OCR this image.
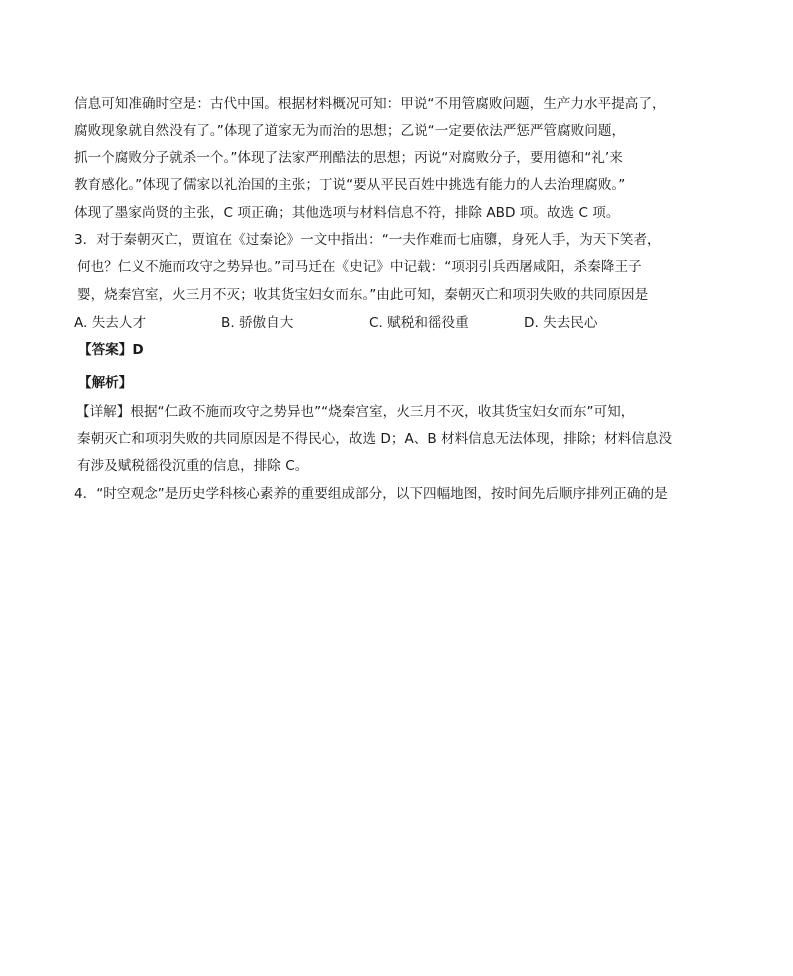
信息可知准确时空是：古代中国。根据材料概况可知：甲说“不用管腐败问题，生产力水平提高了，
腐败现象就自然没有了。”体现了道家无为而治的思想；乙说“一定要依法严惩严管腐败问题，
抓一个腐败分子就杀一个。”体现了法家严刑酷法的思想；丙说“对腐败分子，要用德和“礼’来
教育感化。”体现了儒家以礼治国的主张；丁说“要从平民百姓中挑选有能力的人去治理腐败。”
体现了墨家尚贤的主张，C 项正确；其他选项与材料信息不符，排除 ABD 项。故选 C 项。
3．对于秦朝灭亡，贾谊在《过秦论》一文中指出：“一夫作难而七庙隳，身死人手，为天下笑者，
何也？仁义不施而攻守之势异也。”司马迁在《史记》中记载：“项羽引兵西屠咸阳，杀秦降王子
婴，烧秦宫室，火三月不灭；收其货宝妇女而东。”由此可知，秦朝灭亡和项羽失败的共同原因是
A. 失去人才	B. 骄傲自大	C. 赋税和徭役重	D. 失去民心
【答案】D
【解析】
【详解】根据“仁政不施而攻守之势异也”“烧秦宫室，火三月不灭，收其货宝妇女而东”可知，
秦朝灭亡和项羽失败的共同原因是不得民心，故选 D；A、B 材料信息无法体现，排除；材料信息没
有涉及赋税徭役沉重的信息，排除 C。
4．“时空观念”是历史学科核心素养的重要组成部分，以下四幅地图，按时间先后顺序排列正确的是
